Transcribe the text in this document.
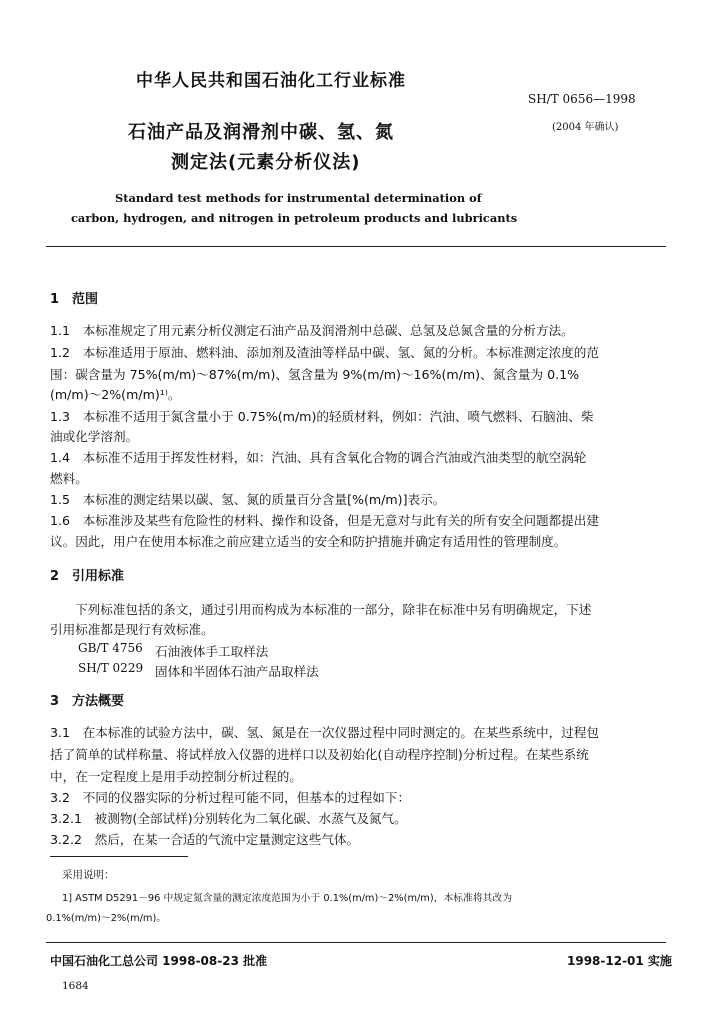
中华人民共和国石油化工行业标准
SH/T 0656—1998
(2004 年确认)
石油产品及润滑剂中碳、氢、氮
测定法(元素分析仪法)
Standard test methods for instrumental determination of
carbon, hydrogen, and nitrogen in petroleum products and lubricants
1　范围
1.1　本标准规定了用元素分析仪测定石油产品及润滑剂中总碳、总氢及总氮含量的分析方法。
1.2　本标准适用于原油、燃料油、添加剂及渣油等样品中碳、氢、氮的分析。本标准测定浓度的范
围：碳含量为 75%(m/m)～87%(m/m)、氢含量为 9%(m/m)～16%(m/m)、氮含量为 0.1%
(m/m)～2%(m/m)¹⁾。
1.3　本标准不适用于氮含量小于 0.75%(m/m)的轻质材料，例如：汽油、喷气燃料、石脑油、柴
油或化学溶剂。
1.4　本标准不适用于挥发性材料，如：汽油、具有含氧化合物的调合汽油或汽油类型的航空涡轮
燃料。
1.5　本标准的测定结果以碳、氢、氮的质量百分含量[%(m/m)]表示。
1.6　本标准涉及某些有危险性的材料、操作和设备，但是无意对与此有关的所有安全问题都提出建
议。因此，用户在使用本标准之前应建立适当的安全和防护措施并确定有适用性的管理制度。
2　引用标准
下列标准包括的条文，通过引用而构成为本标准的一部分，除非在标准中另有明确规定，下述
引用标准都是现行有效标准。
GB/T 4756 石油液体手工取样法
SH/T 0229 固体和半固体石油产品取样法
3　方法概要
3.1　在本标准的试验方法中，碳、氢、氮是在一次仪器过程中同时测定的。在某些系统中，过程包
括了简单的试样称量、将试样放入仪器的进样口以及初始化(自动程序控制)分析过程。在某些系统
中，在一定程度上是用手动控制分析过程的。
3.2　不同的仪器实际的分析过程可能不同，但基本的过程如下：
3.2.1　被测物(全部试样)分别转化为二氧化碳、水蒸气及氮气。
3.2.2　然后，在某一合适的气流中定量测定这些气体。
采用说明：
1] ASTM D5291－96 中规定氮含量的测定浓度范围为小于 0.1%(m/m)～2%(m/m)，本标准将其改为
0.1%(m/m)～2%(m/m)。
中国石油化工总公司 1998-08-23 批准	1998-12-01 实施
1684
